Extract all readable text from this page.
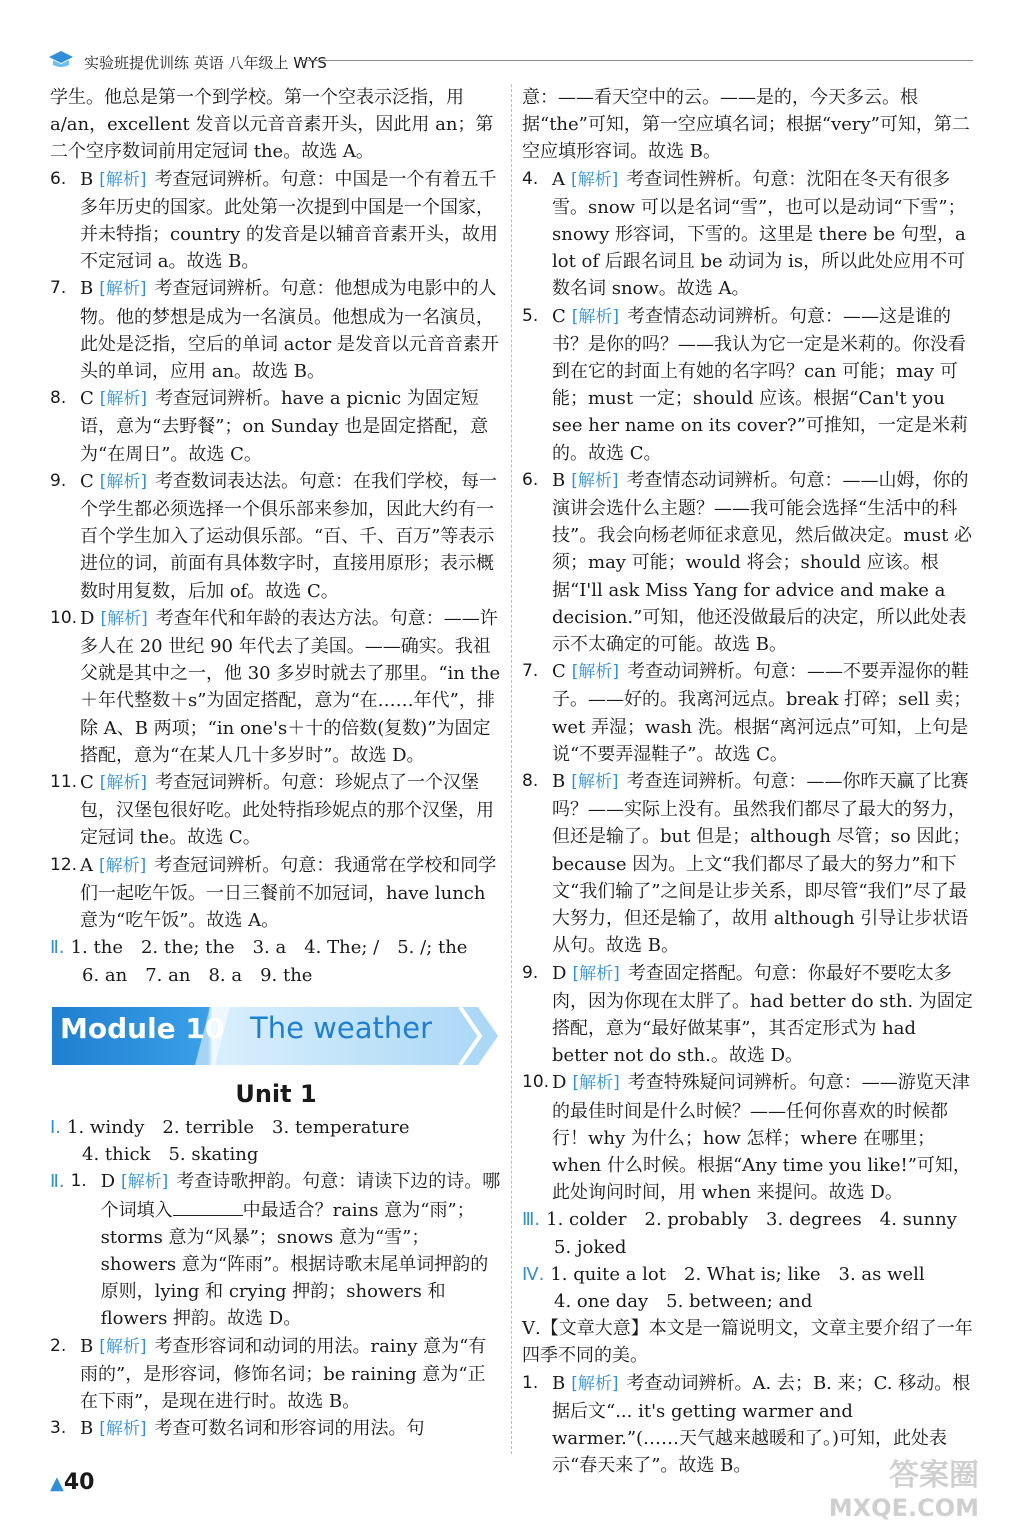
实验班提优训练 英语 八年级上 WYS

学生。他总是第一个到学校。第一个空表示泛指，用 a/an，excellent 发音以元音音素开头，因此用 an；第二个空序数词前用定冠词 the。故选 A。

6. B [ 解析 ] 考查冠词辨析。句意：中国是一个有着五千多年历史的国家。此处第一次提到中国是一个国家，并未特指；country 的发音是以辅音音素开头，故用不定冠词 a。故选 B。
7. B [ 解析 ] 考查冠词辨析。句意：他想成为电影中的人物。他的梦想是成为一名演员。他想成为一名演员，此处是泛指，空后的单词 actor 是发音以元音音素开头的单词，应用 an。故选 B。
8. C [ 解析 ] 考查冠词辨析。have a picnic 为固定短语，意为“去野餐”；on Sunday 也是固定搭配，意为“在周日”。故选 C。
9. C [ 解析 ] 考查数词表达法。句意：在我们学校，每一个学生都必须选择一个俱乐部来参加，因此大约有一百个学生加入了运动俱乐部。“百、千、百万”等表示进位的词，前面有具体数字时，直接用原形；表示概数时用复数，后加 of。故选 C。
10. D [ 解析 ] 考查年代和年龄的表达方法。句意：——许多人在 20 世纪 90 年代去了美国。——确实。我祖父就是其中之一，他 30 多岁时就去了那里。“in the＋年代整数＋s”为固定搭配，意为“在……年代”，排除 A、B 两项；“in one's＋十的倍数(复数)”为固定搭配，意为“在某人几十多岁时”。故选 D。
11. C [ 解析 ] 考查冠词辨析。句意：珍妮点了一个汉堡包，汉堡包很好吃。此处特指珍妮点的那个汉堡，用定冠词 the。故选 C。
12. A [ 解析 ] 考查冠词辨析。句意：我通常在学校和同学们一起吃午饭。一日三餐前不加冠词，have lunch 意为“吃午饭”。故选 A。
Ⅱ. 1. the　2. the; the　3. a　4. The; /　5. /; the
6. an　7. an　8. a　9. the
Module 10 The weather
Unit 1
Ⅰ. 1. windy　2. terrible　3. temperature
4. thick　5. skating
Ⅱ. 1. D [ 解析 ] 考查诗歌押韵。句意：请读下边的诗。哪个词填入	中最适合？rains 意为“雨”；storms 意为“风暴”；snows 意为“雪”；showers 意为“阵雨”。根据诗歌末尾单词押韵的原则，lying 和 crying 押韵；showers 和 flowers 押韵。故选 D。
2. B [ 解析 ] 考查形容词和动词的用法。rainy 意为“有雨的”，是形容词，修饰名词；be raining 意为“正在下雨”，是现在进行时。故选 B。
3. B [ 解析 ] 考查可数名词和形容词的用法。句

意：——看天空中的云。——是的，今天多云。根据“the”可知，第一空应填名词；根据“very”可知，第二空应填形容词。故选 B。

4. A [ 解析 ] 考查词性辨析。句意：沈阳在冬天有很多雪。snow 可以是名词“雪”，也可以是动词“下雪”；snowy 形容词，下雪的。这里是 there be 句型，a lot of 后跟名词且 be 动词为 is，所以此处应用不可数名词 snow。故选 A。
5. C [ 解析 ] 考查情态动词辨析。句意：——这是谁的书？是你的吗？——我认为它一定是米莉的。你没看到在它的封面上有她的名字吗？can 可能；may 可能；must 一定；should 应该。根据“Can't you see her name on its cover?”可推知，一定是米莉的。故选 C。
6. B [ 解析 ] 考查情态动词辨析。句意：——山姆，你的演讲会选什么主题？——我可能会选择“生活中的科技”。我会向杨老师征求意见，然后做决定。must 必须；may 可能；would 将会；should 应该。根据“I'll ask Miss Yang for advice and make a decision.”可知，他还没做最后的决定，所以此处表示不太确定的可能。故选 B。
7. C [ 解析 ] 考查动词辨析。句意：——不要弄湿你的鞋子。——好的。我离河远点。break 打碎；sell 卖；wet 弄湿；wash 洗。根据“离河远点”可知，上句是说“不要弄湿鞋子”。故选 C。
8. B [ 解析 ] 考查连词辨析。句意：——你昨天赢了比赛吗？——实际上没有。虽然我们都尽了最大的努力，但还是输了。but 但是；although 尽管；so 因此；because 因为。上文“我们都尽了最大的努力”和下文“我们输了”之间是让步关系，即尽管“我们”尽了最大努力，但还是输了，故用 although 引导让步状语从句。故选 B。
9. D [ 解析 ] 考查固定搭配。句意：你最好不要吃太多肉，因为你现在太胖了。had better do sth. 为固定搭配，意为“最好做某事”，其否定形式为 had better not do sth.。故选 D。
10. D [ 解析 ] 考查特殊疑问词辨析。句意：——游览天津的最佳时间是什么时候？——任何你喜欢的时候都行！why 为什么；how 怎样；where 在哪里；when 什么时候。根据“Any time you like!”可知，此处询问时间，用 when 来提问。故选 D。
Ⅲ. 1. colder　2. probably　3. degrees　4. sunny
5. joked
Ⅳ. 1. quite a lot　2. What is; like　3. as well
4. one day　5. between; and

Ⅴ.【文章大意】本文是一篇说明文，文章主要介绍了一年四季不同的美。

1. B [ 解析 ] 考查动词辨析。A. 去；B. 来；C. 移动。根据后文“... it's getting warmer and warmer.”(……天气越来越暖和了。)可知，此处表示“春天来了”。故选 B。
▲40	答案圈
MXQE.COM
